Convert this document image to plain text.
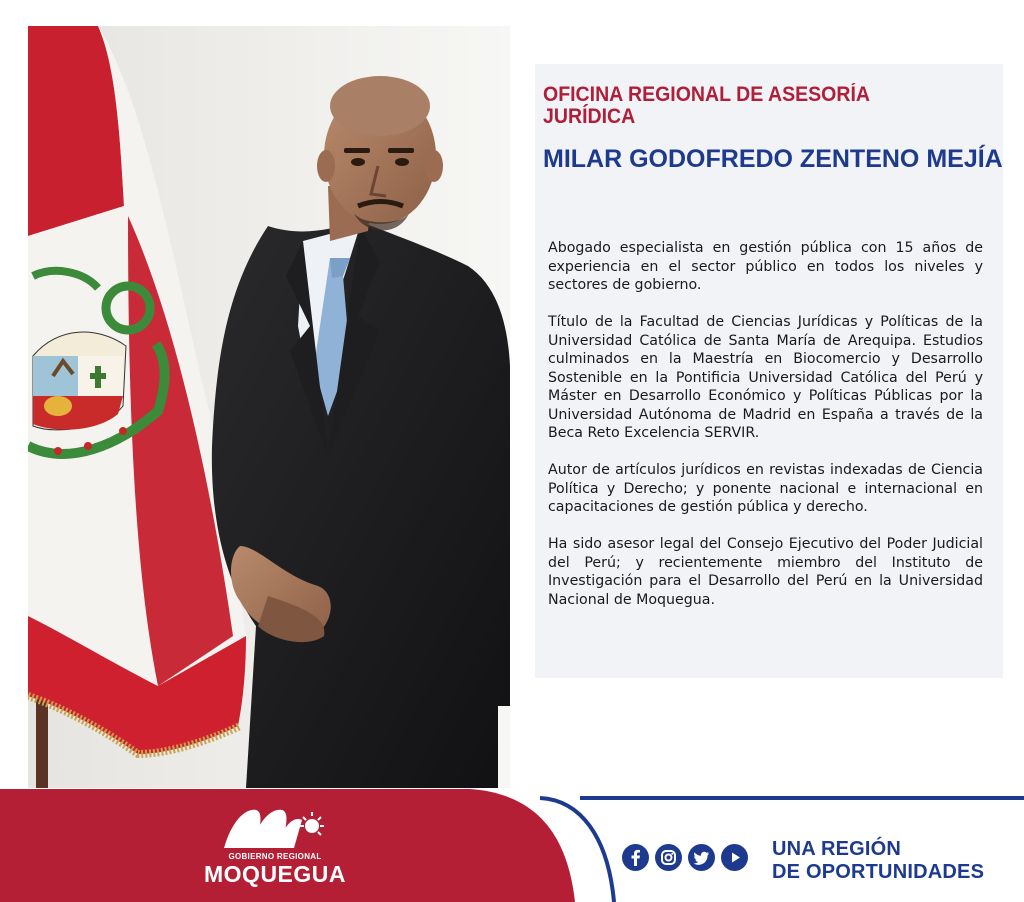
OFICINA REGIONAL DE ASESORÍA JURÍDICA
MILAR GODOFREDO ZENTENO MEJÍA

Abogado especialista en gestión pública con 15 años de experiencia en el sector público en todos los niveles y sectores de gobierno.

Título de la Facultad de Ciencias Jurídicas y Políticas de la Universidad Católica de Santa María de Arequipa. Estudios culminados en la Maestría en Biocomercio y Desarrollo Sostenible en la Pontificia Universidad Católica del Perú y Máster en Desarrollo Económico y Políticas Públicas por la Universidad Autónoma de Madrid en España a través de la Beca Reto Excelencia SERVIR.

Autor de artículos jurídicos en revistas indexadas de Ciencia Política y Derecho; y ponente nacional e internacional en capacitaciones de gestión pública y derecho.

Ha sido asesor legal del Consejo Ejecutivo del Poder Judicial del Perú; y recientemente miembro del Instituto de Investigación para el Desarrollo del Perú en la Universidad Nacional de Moquegua.

GOBIERNO REGIONAL
MOQUEGUA
UNA REGIÓN
DE OPORTUNIDADES
